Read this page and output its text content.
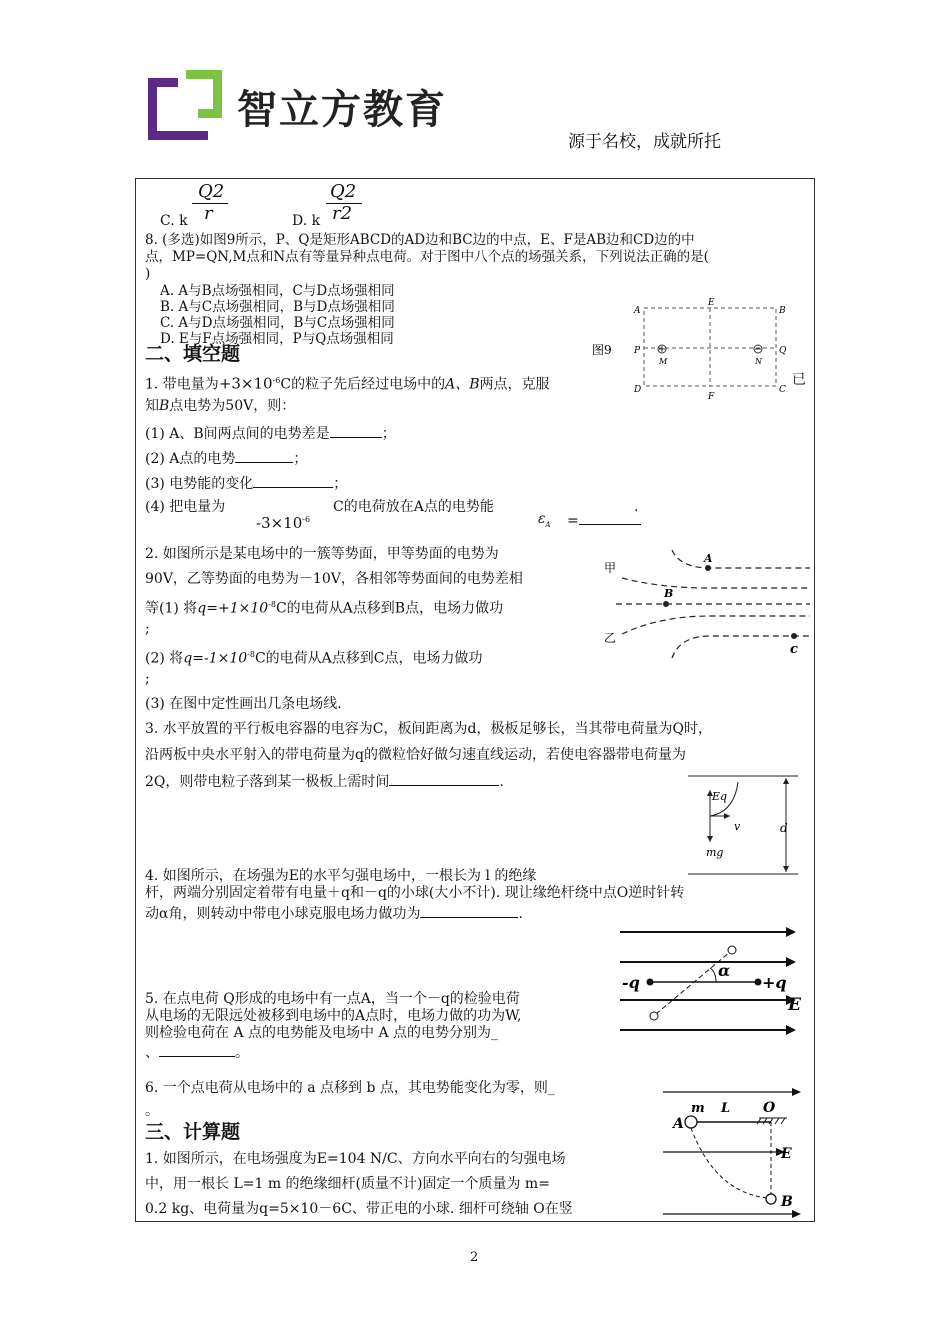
智立方教育
源于名校，成就所托
Q2
C. k r
Q2
D. k r2
8. (多选)如图9所示，P、Q是矩形ABCD的AD边和BC边的中点，E、F是AB边和CD边的中
点，MP=QN,M点和N点有等量异种点电荷。对于图中八个点的场强关系，下列说法正确的是(
)
A. A与B点场强相同，C与D点场强相同
B. A与C点场强相同，B与D点场强相同
C. A与D点场强相同，B与C点场强相同
D. E与F点场强相同，P与Q点场强相同
图9
A
E
B
P
M	N
Q
D
F
C
二、填空题
1. 带电量为$+3\times 10^{-6}C$的粒子先后经过电场中的A、B两点，克服	已
知B点电势为50V，则：
(1) A、B间两点间的电势差是	；
(2) A点的电势	；
(3) 电势能的变化	；
(4) 把电量为
$-3\times 10^{-6}$
C的电荷放在A点的电势能
$\varepsilon_A$ =
.
2. 如图所示是某电场中的一簇等势面，甲等势面的电势为
90V，乙等势面的电势为－10V，各相邻等势面间的电势差相
等(1) 将$q=+1\times 10^{-8}C$的电荷从A点移到B点，电场力做功
;
(2) 将$q=-1\times 10^{-8}C$的电荷从A点移到C点，电场力做功
;
(3) 在图中定性画出几条电场线.
甲
乙
A
B
c
3. 水平放置的平行板电容器的电容为C，板间距离为d，极板足够长，当其带电荷量为Q时，
沿两板中央水平射入的带电荷量为q的微粒恰好做匀速直线运动，若使电容器带电荷量为
2Q，则带电粒子落到某一极板上需时间	.
Eq
v
mg
d
4. 如图所示，在场强为E的水平匀强电场中，一根长为 l 的绝缘
杆，两端分别固定着带有电量＋q和－q的小球(大小不计). 现让缘绝杆绕中点O逆时针转
动α角，则转动中带电小球克服电场力做功为	.
-q	+q
α
E
5. 在点电荷 Q形成的电场中有一点A，当一个－q的检验电荷
从电场的无限远处被移到电场中的A点时，电场力做的功为W,
则检验电荷在 A 点的电势能及电场中 A 点的电势分别为_
、	。
6. 一个点电荷从电场中的 a 点移到 b 点，其电势能变化为零，则_
。
三、计算题
1. 如图所示，在电场强度为E=104 N/C、方向水平向右的匀强电场
中，用一根长 L=1 m 的绝缘细杆(质量不计)固定一个质量为 m=
0.2 kg、电荷量为q=5×10－6C、带正电的小球. 细杆可绕轴 O在竖
A
m L O
E
B
2
